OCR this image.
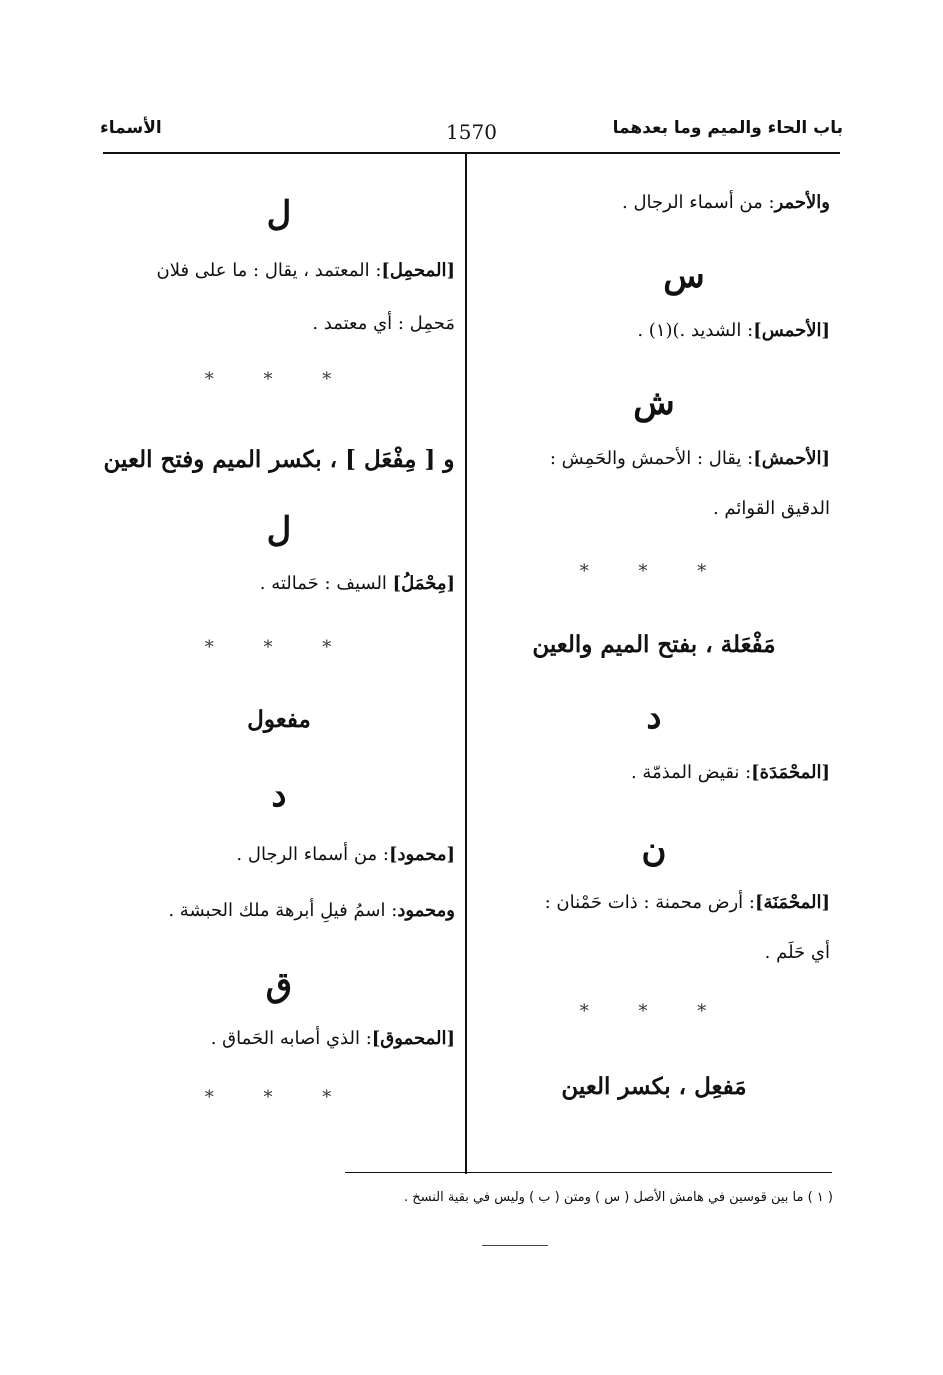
باب الحاء والميم وما بعدهما
1570
الأسماء
والأحمر: من أسماء الرجال .
س
[الأحمس]: الشديد .)(١) .
ش
[الأحمش]: يقال : الأحمش والحَمِش :
الدقيق القوائم .
* * *
مَفْعَلة ، بفتح الميم والعين
د
[المحْمَدَة]: نقيض المذمّة .
ن
[المحْمَنَة]: أرض محمنة : ذات حَمْنان :
أي حَلَم .
* * *
مَفعِل ، بكسر العين
ل
[المحمِل]: المعتمد ، يقال : ما على فلان
مَحمِل : أي معتمد .
* * *
و [ مِفْعَل ] ، بكسر الميم وفتح العين
ل
[مِحْمَلُ] السيف : حَمالته .
* * *
مفعول
د
[محمود]: من أسماء الرجال .
ومحمود: اسمُ فيلِ أبرهة ملك الحبشة .
ق
[المحموق]: الذي أصابه الحَماق .
* * *
( ١ ) ما بين قوسين في هامش الأصل ( س ) ومتن ( ب ) وليس في بقية النسخ .
